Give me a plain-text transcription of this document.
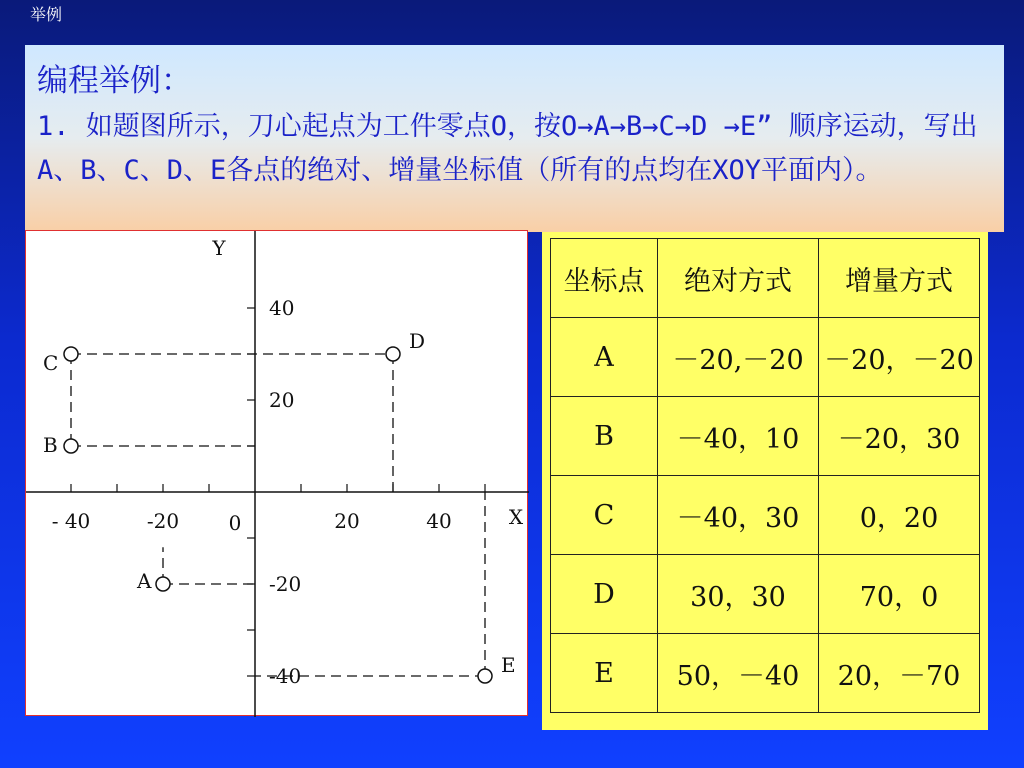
举例
编程举例：
1. 如题图所示，刀心起点为工件零点O，按O→A→B→C→D →E” 顺序运动，写出A、B、C、D、E各点的绝对、增量坐标值（所有的点均在XOY平面内）。
- 40	-20	20	40
0	X
Y
40
20
-20
-40
A
B
C
D
E
坐标点	绝对方式	增量方式
A	－20,－20	－20，－20
B	－40，10	－20，30
C	－40，30	0，20
D	30，30	70，0
E	50，－40	20，－70
